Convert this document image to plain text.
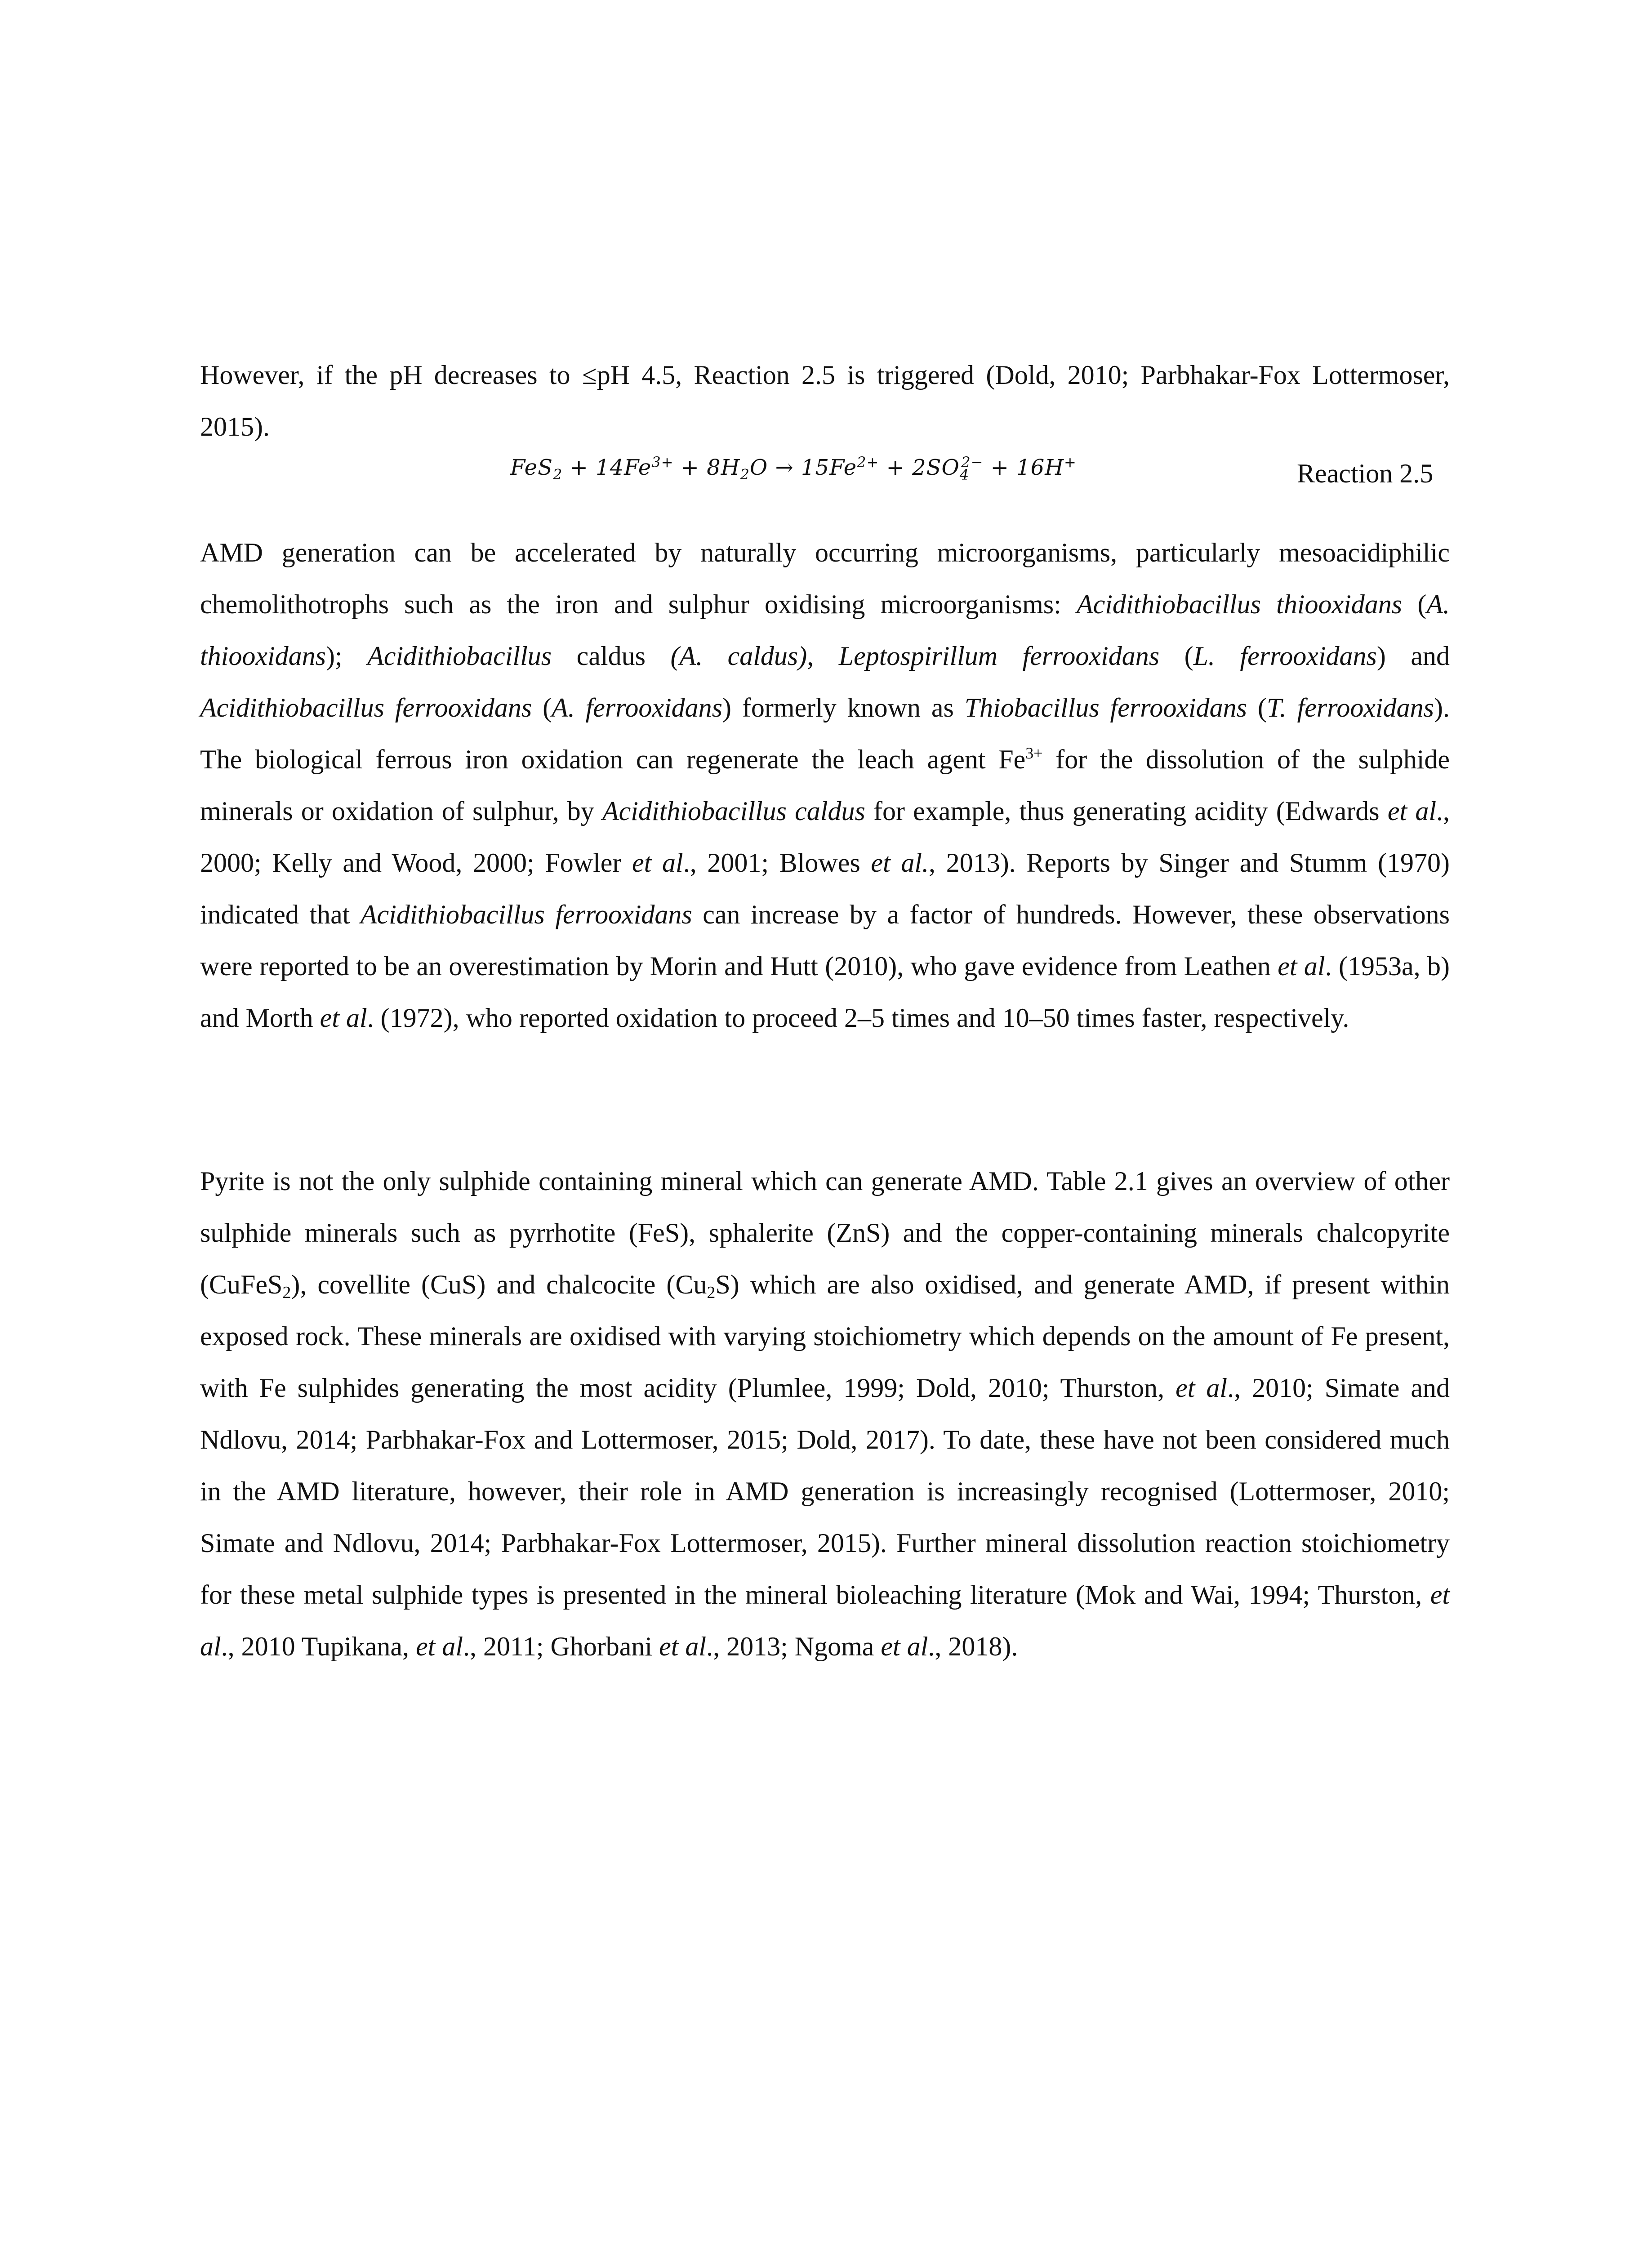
However, if the pH decreases to ≤pH 4.5, Reaction 2.5 is triggered (Dold, 2010; Parbhakar-Fox Lottermoser, 2015).

$FeS_2 + 14Fe^{3+} + 8H_2O \to 15Fe^{2+} + 2SO_4^{2-} + 16H^+$	Reaction 2.5

AMD generation can be accelerated by naturally occurring microorganisms, particularly mesoacidiphilic chemolithotrophs such as the iron and sulphur oxidising microorganisms: Acidithiobacillus thiooxidans (A. thiooxidans); Acidithiobacillus caldus (A. caldus), Leptospirillum ferrooxidans (L. ferrooxidans) and Acidithiobacillus ferrooxidans (A. ferrooxidans) formerly known as Thiobacillus ferrooxidans (T. ferrooxidans). The biological ferrous iron oxidation can regenerate the leach agent $Fe^{3+}$ for the dissolution of the sulphide minerals or oxidation of sulphur, by Acidithiobacillus caldus for example, thus generating acidity (Edwards et al., 2000; Kelly and Wood, 2000; Fowler et al., 2001; Blowes et al., 2013). Reports by Singer and Stumm (1970) indicated that Acidithiobacillus ferrooxidans can increase by a factor of hundreds. However, these observations were reported to be an overestimation by Morin and Hutt (2010), who gave evidence from Leathen et al. (1953a, b) and Morth et al. (1972), who reported oxidation to proceed 2–5 times and 10–50 times faster, respectively.

Pyrite is not the only sulphide containing mineral which can generate AMD. Table 2.1 gives an overview of other sulphide minerals such as pyrrhotite (FeS), sphalerite (ZnS) and the copper-containing minerals chalcopyrite (CuFeS$_2$), covellite (CuS) and chalcocite $(Cu_2S)$ which are also oxidised, and generate AMD, if present within exposed rock. These minerals are oxidised with varying stoichiometry which depends on the amount of Fe present, with Fe sulphides generating the most acidity (Plumlee, 1999; Dold, 2010; Thurston, et al., 2010; Simate and Ndlovu, 2014; Parbhakar-Fox and Lottermoser, 2015; Dold, 2017). To date, these have not been considered much in the AMD literature, however, their role in AMD generation is increasingly recognised (Lottermoser, 2010; Simate and Ndlovu, 2014; Parbhakar-Fox Lottermoser, 2015). Further mineral dissolution reaction stoichiometry for these metal sulphide types is presented in the mineral bioleaching literature (Mok and Wai, 1994; Thurston, et al., 2010 Tupikana, et al., 2011; Ghorbani et al., 2013; Ngoma et al., 2018).
